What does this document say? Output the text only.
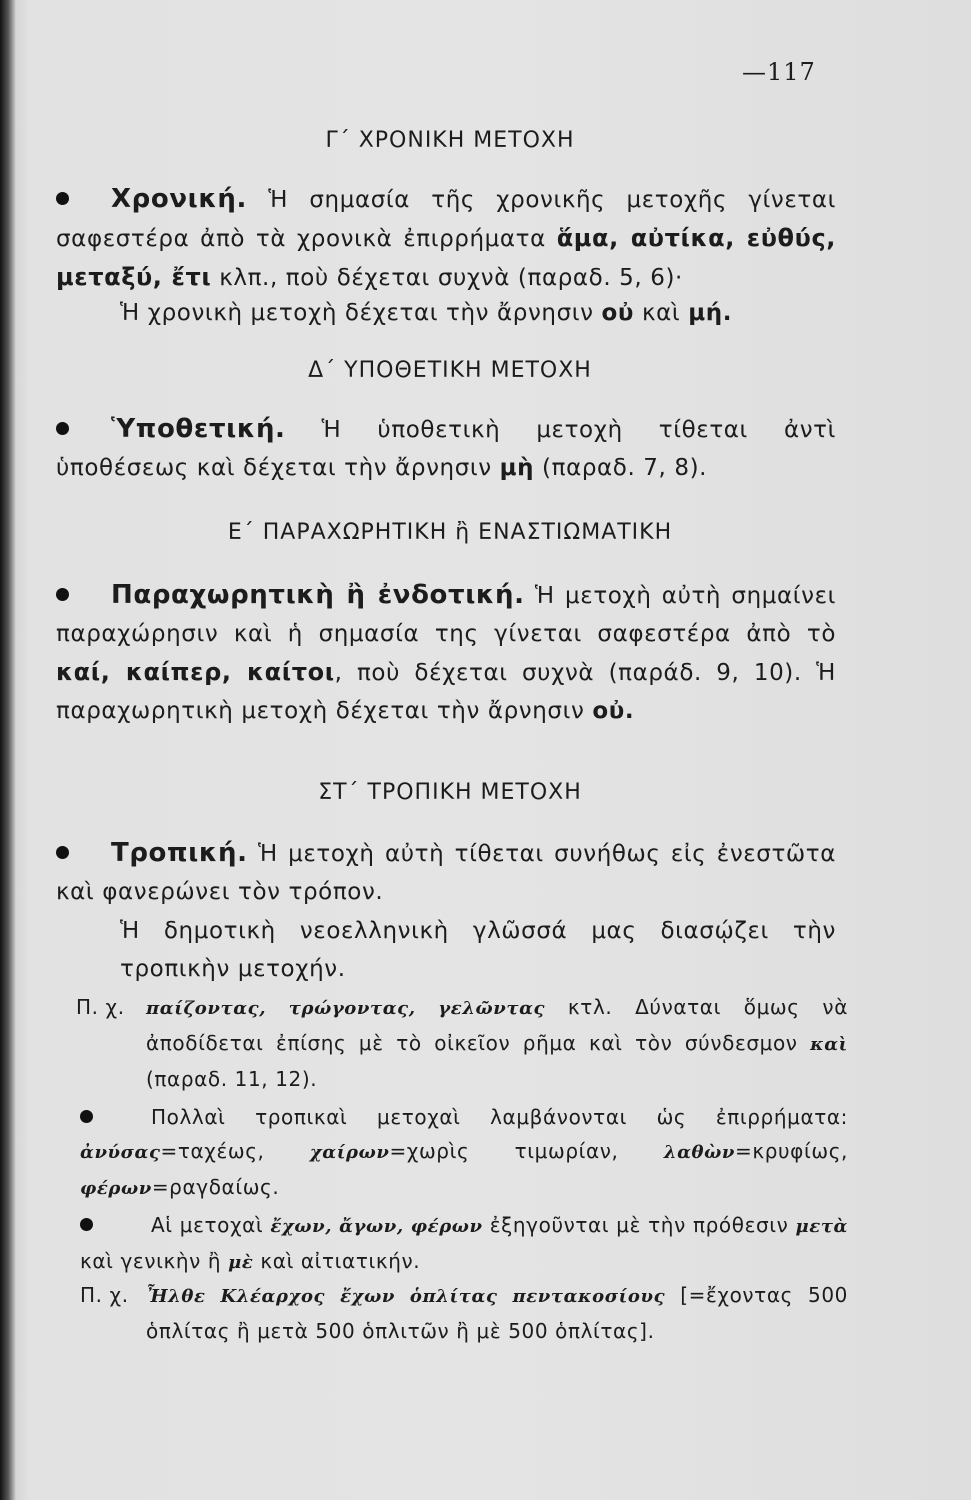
—117
Γ΄ ΧΡΟΝΙΚΗ ΜΕΤΟΧΗ
Χρονική. Ἡ σημασία τῆς χρονικῆς μετοχῆς γίνεται σαφεστέρα ἀπὸ τὰ χρονικὰ ἐπιρρήματα ἅμα, αὐτίκα, εὐθύς, μεταξύ, ἔτι κλπ., ποὺ δέχεται συχνὰ (παραδ. 5, 6)·
Ἡ χρονικὴ μετοχὴ δέχεται τὴν ἄρνησιν οὐ καὶ μή.
Δ΄ ΥΠΟΘΕΤΙΚΗ ΜΕΤΟΧΗ
Ὑποθετική. Ἡ ὑποθετικὴ μετοχὴ τίθεται ἀντὶ ὑποθέσεως καὶ δέχεται τὴν ἄρνησιν μὴ (παραδ. 7, 8).
Ε΄ ΠΑΡΑΧΩΡΗΤΙΚΗ ἢ ΕΝΑΣΤΙΩΜΑΤΙΚΗ
Παραχωρητικὴ ἢ ἐνδοτική. Ἡ μετοχὴ αὐτὴ σημαίνει παραχώρησιν καὶ ἡ σημασία της γίνεται σαφεστέρα ἀπὸ τὸ καί, καίπερ, καίτοι, ποὺ δέχεται συχνὰ (παράδ. 9, 10). Ἡ παραχωρητικὴ μετοχὴ δέχεται τὴν ἄρνησιν οὐ.
ΣΤ΄ ΤΡΟΠΙΚΗ ΜΕΤΟΧΗ
Τροπική. Ἡ μετοχὴ αὐτὴ τίθεται συνήθως εἰς ἐνεστῶτα καὶ φανερώνει τὸν τρόπον.
Ἡ δημοτικὴ νεοελληνικὴ γλῶσσά μας διασῴζει τὴν τροπικὴν μετοχήν.
Π. χ. παίζοντας, τρώγοντας, γελῶντας κτλ. Δύναται ὅμως νὰ ἀποδίδεται ἐπίσης μὲ τὸ οἰκεῖον ρῆμα καὶ τὸν σύνδεσμον καὶ (παραδ. 11, 12).
Πολλαὶ τροπικαὶ μετοχαὶ λαμβάνονται ὡς ἐπιρρήματα: ἀνύσας=ταχέως, χαίρων=χωρὶς τιμωρίαν, λαθὼν=κρυφίως, φέρων=ραγδαίως.
Αἱ μετοχαὶ ἔχων, ἄγων, φέρων ἐξηγοῦνται μὲ τὴν πρόθεσιν μετὰ καὶ γενικὴν ἢ μὲ καὶ αἰτιατικήν.
Π. χ. Ἦλθε Κλέαρχος ἔχων ὁπλίτας πεντακοσίους [=ἔχοντας 500 ὁπλίτας ἢ μετὰ 500 ὁπλιτῶν ἢ μὲ 500 ὁπλίτας].
